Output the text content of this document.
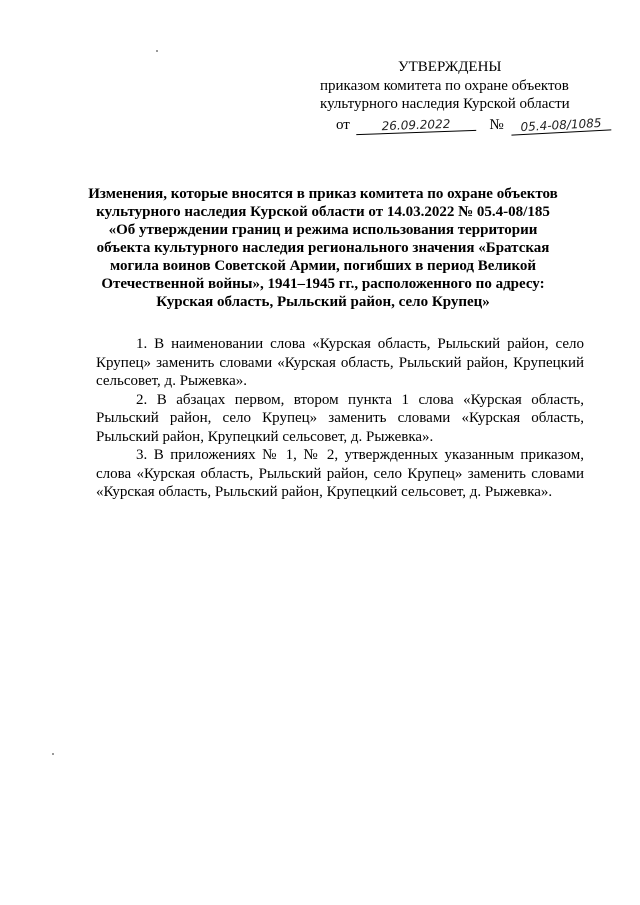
УТВЕРЖДЕНЫ
приказом комитета по охране объектов
культурного наследия Курской области
от	26.09.2022	№ 05.4-08/1085
Изменения, которые вносятся в приказ комитета по охране объектов
культурного наследия Курской области от 14.03.2022 № 05.4-08/185
«Об утверждении границ и режима использования территории
объекта культурного наследия регионального значения «Братская
могила воинов Советской Армии, погибших в период Великой
Отечественной войны», 1941–1945 гг., расположенного по адресу:
Курская область, Рыльский район, село Крупец»

1. В наименовании слова «Курская область, Рыльский район, село Крупец» заменить словами «Курская область, Рыльский район, Крупецкий сельсовет, д. Рыжевка».

2. В абзацах первом, втором пункта 1 слова «Курская область, Рыльский район, село Крупец» заменить словами «Курская область, Рыльский район, Крупецкий сельсовет, д. Рыжевка».

3. В приложениях № 1, № 2, утвержденных указанным приказом, слова «Курская область, Рыльский район, село Крупец» заменить словами «Курская область, Рыльский район, Крупецкий сельсовет, д. Рыжевка».
